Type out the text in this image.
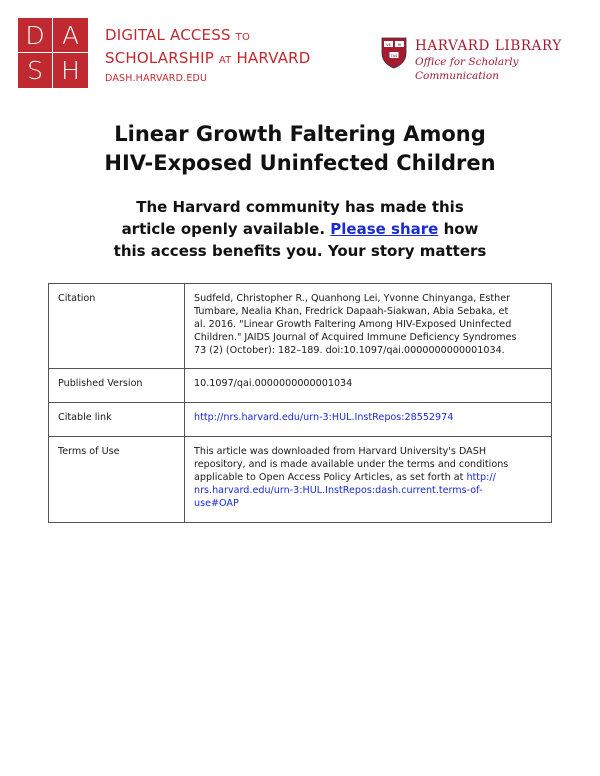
D A
S H
DIGITAL ACCESS TO
SCHOLARSHIP AT HARVARD
DASH.HARVARD.EDU
VE RI
TAS
HARVARD LIBRARY
Office for Scholarly Communication
Linear Growth Faltering Among
HIV-Exposed Uninfected Children
The Harvard community has made this
article openly available. Please share how
this access benefits you. Your story matters
Citation	Sudfeld, Christopher R., Quanhong Lei, Yvonne Chinyanga, Esther
Tumbare, Nealia Khan, Fredrick Dapaah-Siakwan, Abia Sebaka, et
al. 2016. "Linear Growth Faltering Among HIV-Exposed Uninfected
Children." JAIDS Journal of Acquired Immune Deficiency Syndromes
73 (2) (October): 182–189. doi:10.1097/qai.0000000000001034.

Published Version	10.1097/qai.0000000000001034
Citable link	http://nrs.harvard.edu/urn-3:HUL.InstRepos:28552974
Terms of Use	This article was downloaded from Harvard University's DASH
repository, and is made available under the terms and conditions
applicable to Open Access Policy Articles, as set forth at http://
nrs.harvard.edu/urn-3:HUL.InstRepos:dash.current.terms-of-
use#OAP
